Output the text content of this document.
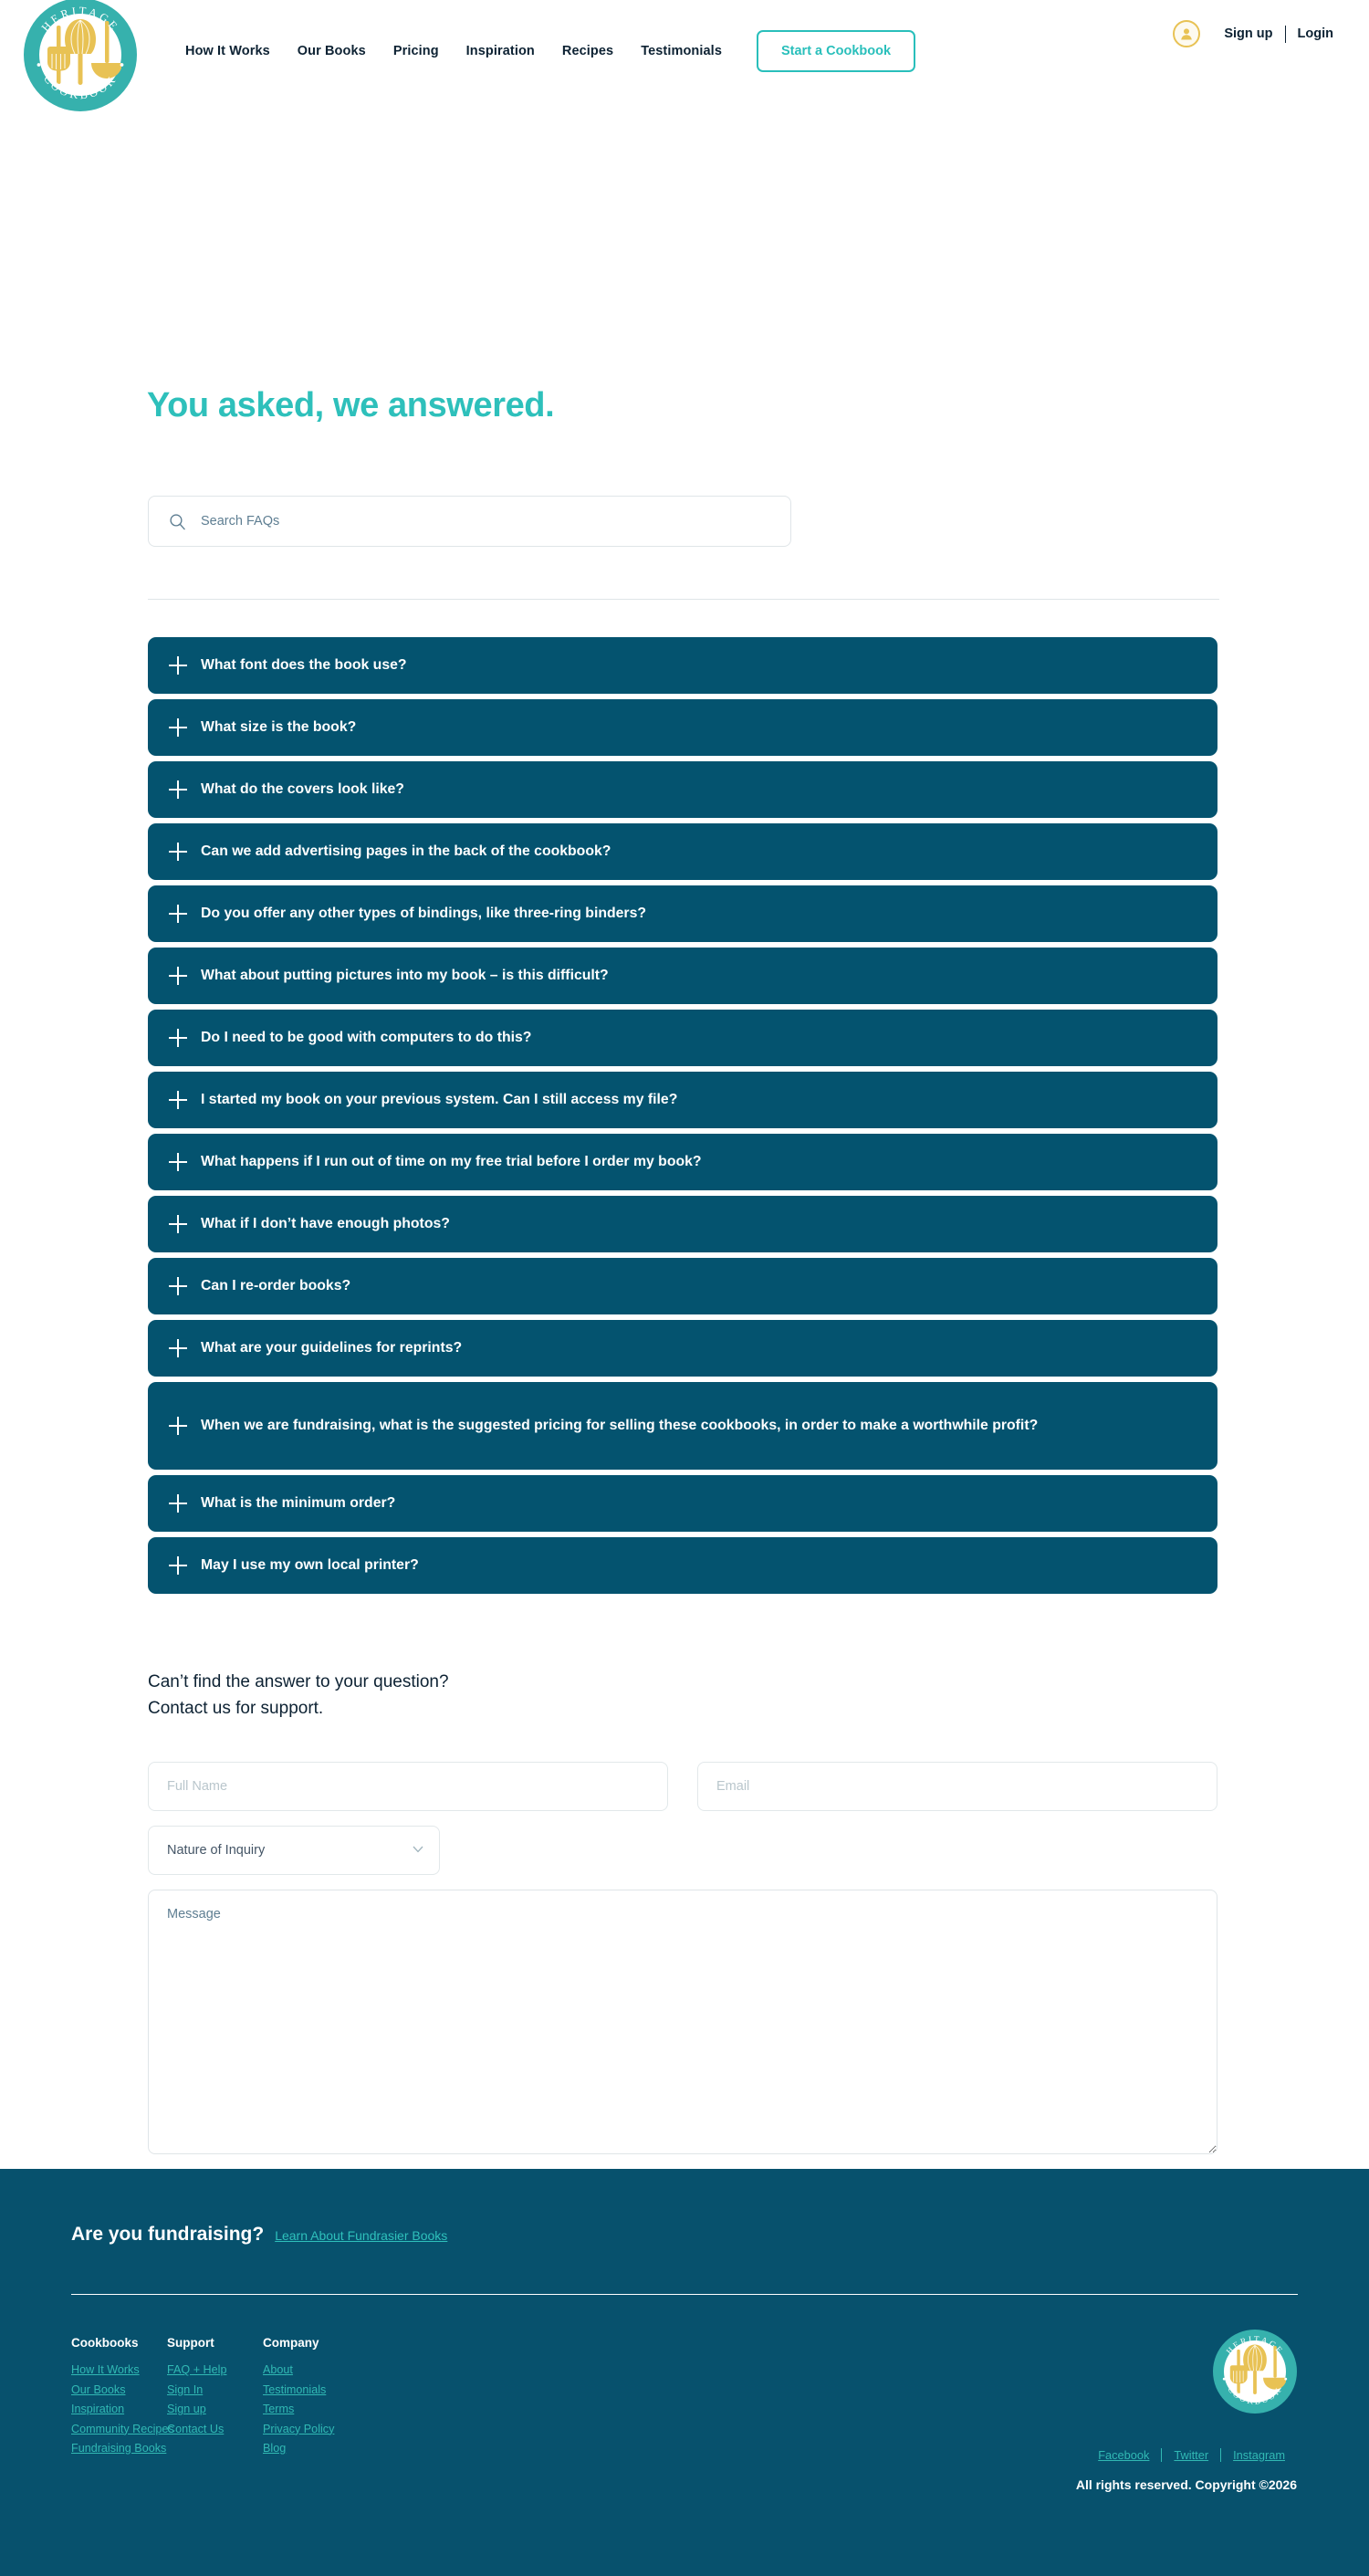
HERITAGE
COOKBOOK
How It Works	Our Books	Pricing	Inspiration	Recipes	Testimonials	Start a Cookbook
Sign up	Login
You asked, we answered.
Search FAQs
What font does the book use?
What size is the book?
What do the covers look like?
Can we add advertising pages in the back of the cookbook?
Do you offer any other types of bindings, like three-ring binders?
What about putting pictures into my book – is this difficult?
Do I need to be good with computers to do this?
I started my book on your previous system. Can I still access my file?
What happens if I run out of time on my free trial before I order my book?
What if I don’t have enough photos?
Can I re-order books?
What are your guidelines for reprints?
When we are fundraising, what is the suggested pricing for selling these cookbooks, in order to make a worthwhile profit?
What is the minimum order?
May I use my own local printer?
Can’t find the answer to your question?
Contact us for support.
Full Name
Email
Nature of Inquiry
Message
Are you fundraising? Learn About Fundrasier Books
Cookbooks
How It Works
Our Books
Inspiration
Community Recipes
Fundraising Books
Support
FAQ + Help
Sign In
Sign up
Contact Us
Company
About
Testimonials
Terms
Privacy Policy
Blog
HERITAGE
COOKBOOK
Facebook	Twitter	Instagram
All rights reserved. Copyright ©2026
